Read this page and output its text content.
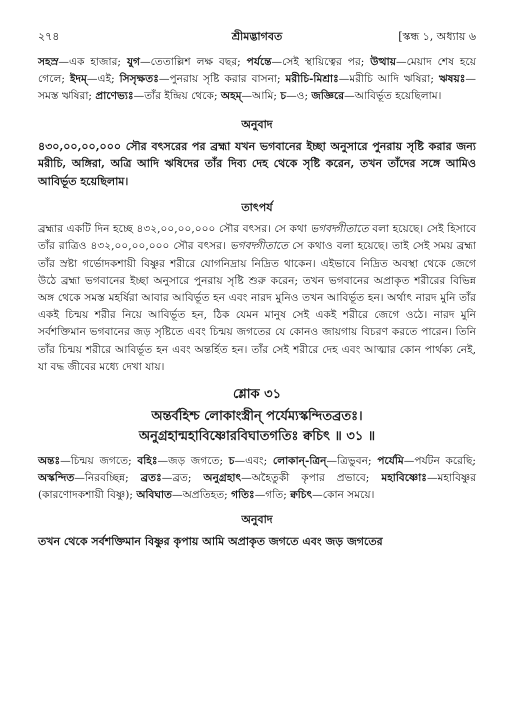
২৭৪	শ্রীমদ্ভাগবত	[স্কন্ধ ১, অধ্যায় ৬

সহস্র—এক হাজার; যুগ—তেতাল্লিশ লক্ষ বছর; পর্যন্তে—সেই স্থায়িত্বের পর; উত্থায়—মেয়াদ শেষ হয়ে গেলে; ইদম্—এই; সিসৃক্ষতঃ—পুনরায় সৃষ্টি করার বাসনা; মরীচি-মিশ্রাঃ—মরীচি আদি ঋষিরা; ঋষয়ঃ—সমস্ত ঋষিরা; প্রাণেভ্যঃ—তাঁর ইন্দ্রিয় থেকে; অহম্—আমি; চ—ও; জজ্ঞিরে—আবির্ভূত হয়েছিলাম।

অনুবাদ

৪৩০,০০,০০,০০০ সৌর বৎসরের পর ব্রহ্মা যখন ভগবানের ইচ্ছা অনুসারে পুনরায় সৃষ্টি করার জন্য মরীচি, অঙ্গিরা, অত্রি আদি ঋষিদের তাঁর দিব্য দেহ থেকে সৃষ্টি করেন, তখন তাঁদের সঙ্গে আমিও আবির্ভূত হয়েছিলাম।

তাৎপর্য

ব্রহ্মার একটি দিন হচ্ছে ৪৩২,০০,০০,০০০ সৌর বৎসর। সে কথা ভগবদ্গীতাতে বলা হয়েছে। সেই হিসাবে তাঁর রাত্রিও ৪৩২,০০,০০,০০০ সৌর বৎসর। ভগবদ্গীতাতে সে কথাও বলা হয়েছে। তাই সেই সময় ব্রহ্মা তাঁর স্রষ্টা গর্ভোদকশায়ী বিষ্ণুর শরীরে যোগনিদ্রায় নিদ্রিত থাকেন। এইভাবে নিদ্রিত অবস্থা থেকে জেগে উঠে ব্রহ্মা ভগবানের ইচ্ছা অনুসারে পুনরায় সৃষ্টি শুরু করেন; তখন ভগবানের অপ্রাকৃত শরীরের বিভিন্ন অঙ্গ থেকে সমস্ত মহর্ষিরা আবার আবির্ভূত হন এবং নারদ মুনিও তখন আবির্ভূত হন। অর্থাৎ নারদ মুনি তাঁর একই চিন্ময় শরীর নিয়ে আবির্ভূত হন, ঠিক যেমন মানুষ সেই একই শরীরে জেগে ওঠে। নারদ মুনি সর্বশক্তিমান ভগবানের জড় সৃষ্টিতে এবং চিন্ময় জগতের যে কোনও জায়গায় বিচরণ করতে পারেন। তিনি তাঁর চিন্ময় শরীরে আবির্ভূত হন এবং অন্তর্হিত হন। তাঁর সেই শরীরে দেহ এবং আত্মার কোন পার্থক্য নেই, যা বদ্ধ জীবের মধ্যে দেখা যায়।

শ্লোক ৩১

অন্তর্বহিশ্চ লোকাংস্ত্রীন্ পর্যেম্যস্কন্দিতব্রতঃ।

অনুগ্রহান্মহাবিষ্ণোরবিঘাতগতিঃ ক্বচিৎ ॥ ৩১ ॥

অন্তঃ—চিন্ময় জগতে; বহিঃ—জড় জগতে; চ—এবং; লোকান্-ত্রিন্—ত্রিভুবন; পর্যেমি—পর্যটন করেছি; অস্কন্দিত—নিরবচ্ছিন্ন; ব্রতঃ—ব্রত; অনুগ্রহাৎ—অহৈতুকী কৃপার প্রভাবে; মহাবিষ্ণোঃ—মহাবিষ্ণুর (কারণোদকশায়ী বিষ্ণু); অবিঘাত—অপ্রতিহত; গতিঃ—গতি; ক্বচিৎ—কোন সময়ে।

অনুবাদ

তখন থেকে সর্বশক্তিমান বিষ্ণুর কৃপায় আমি অপ্রাকৃত জগতে এবং জড় জগতের
